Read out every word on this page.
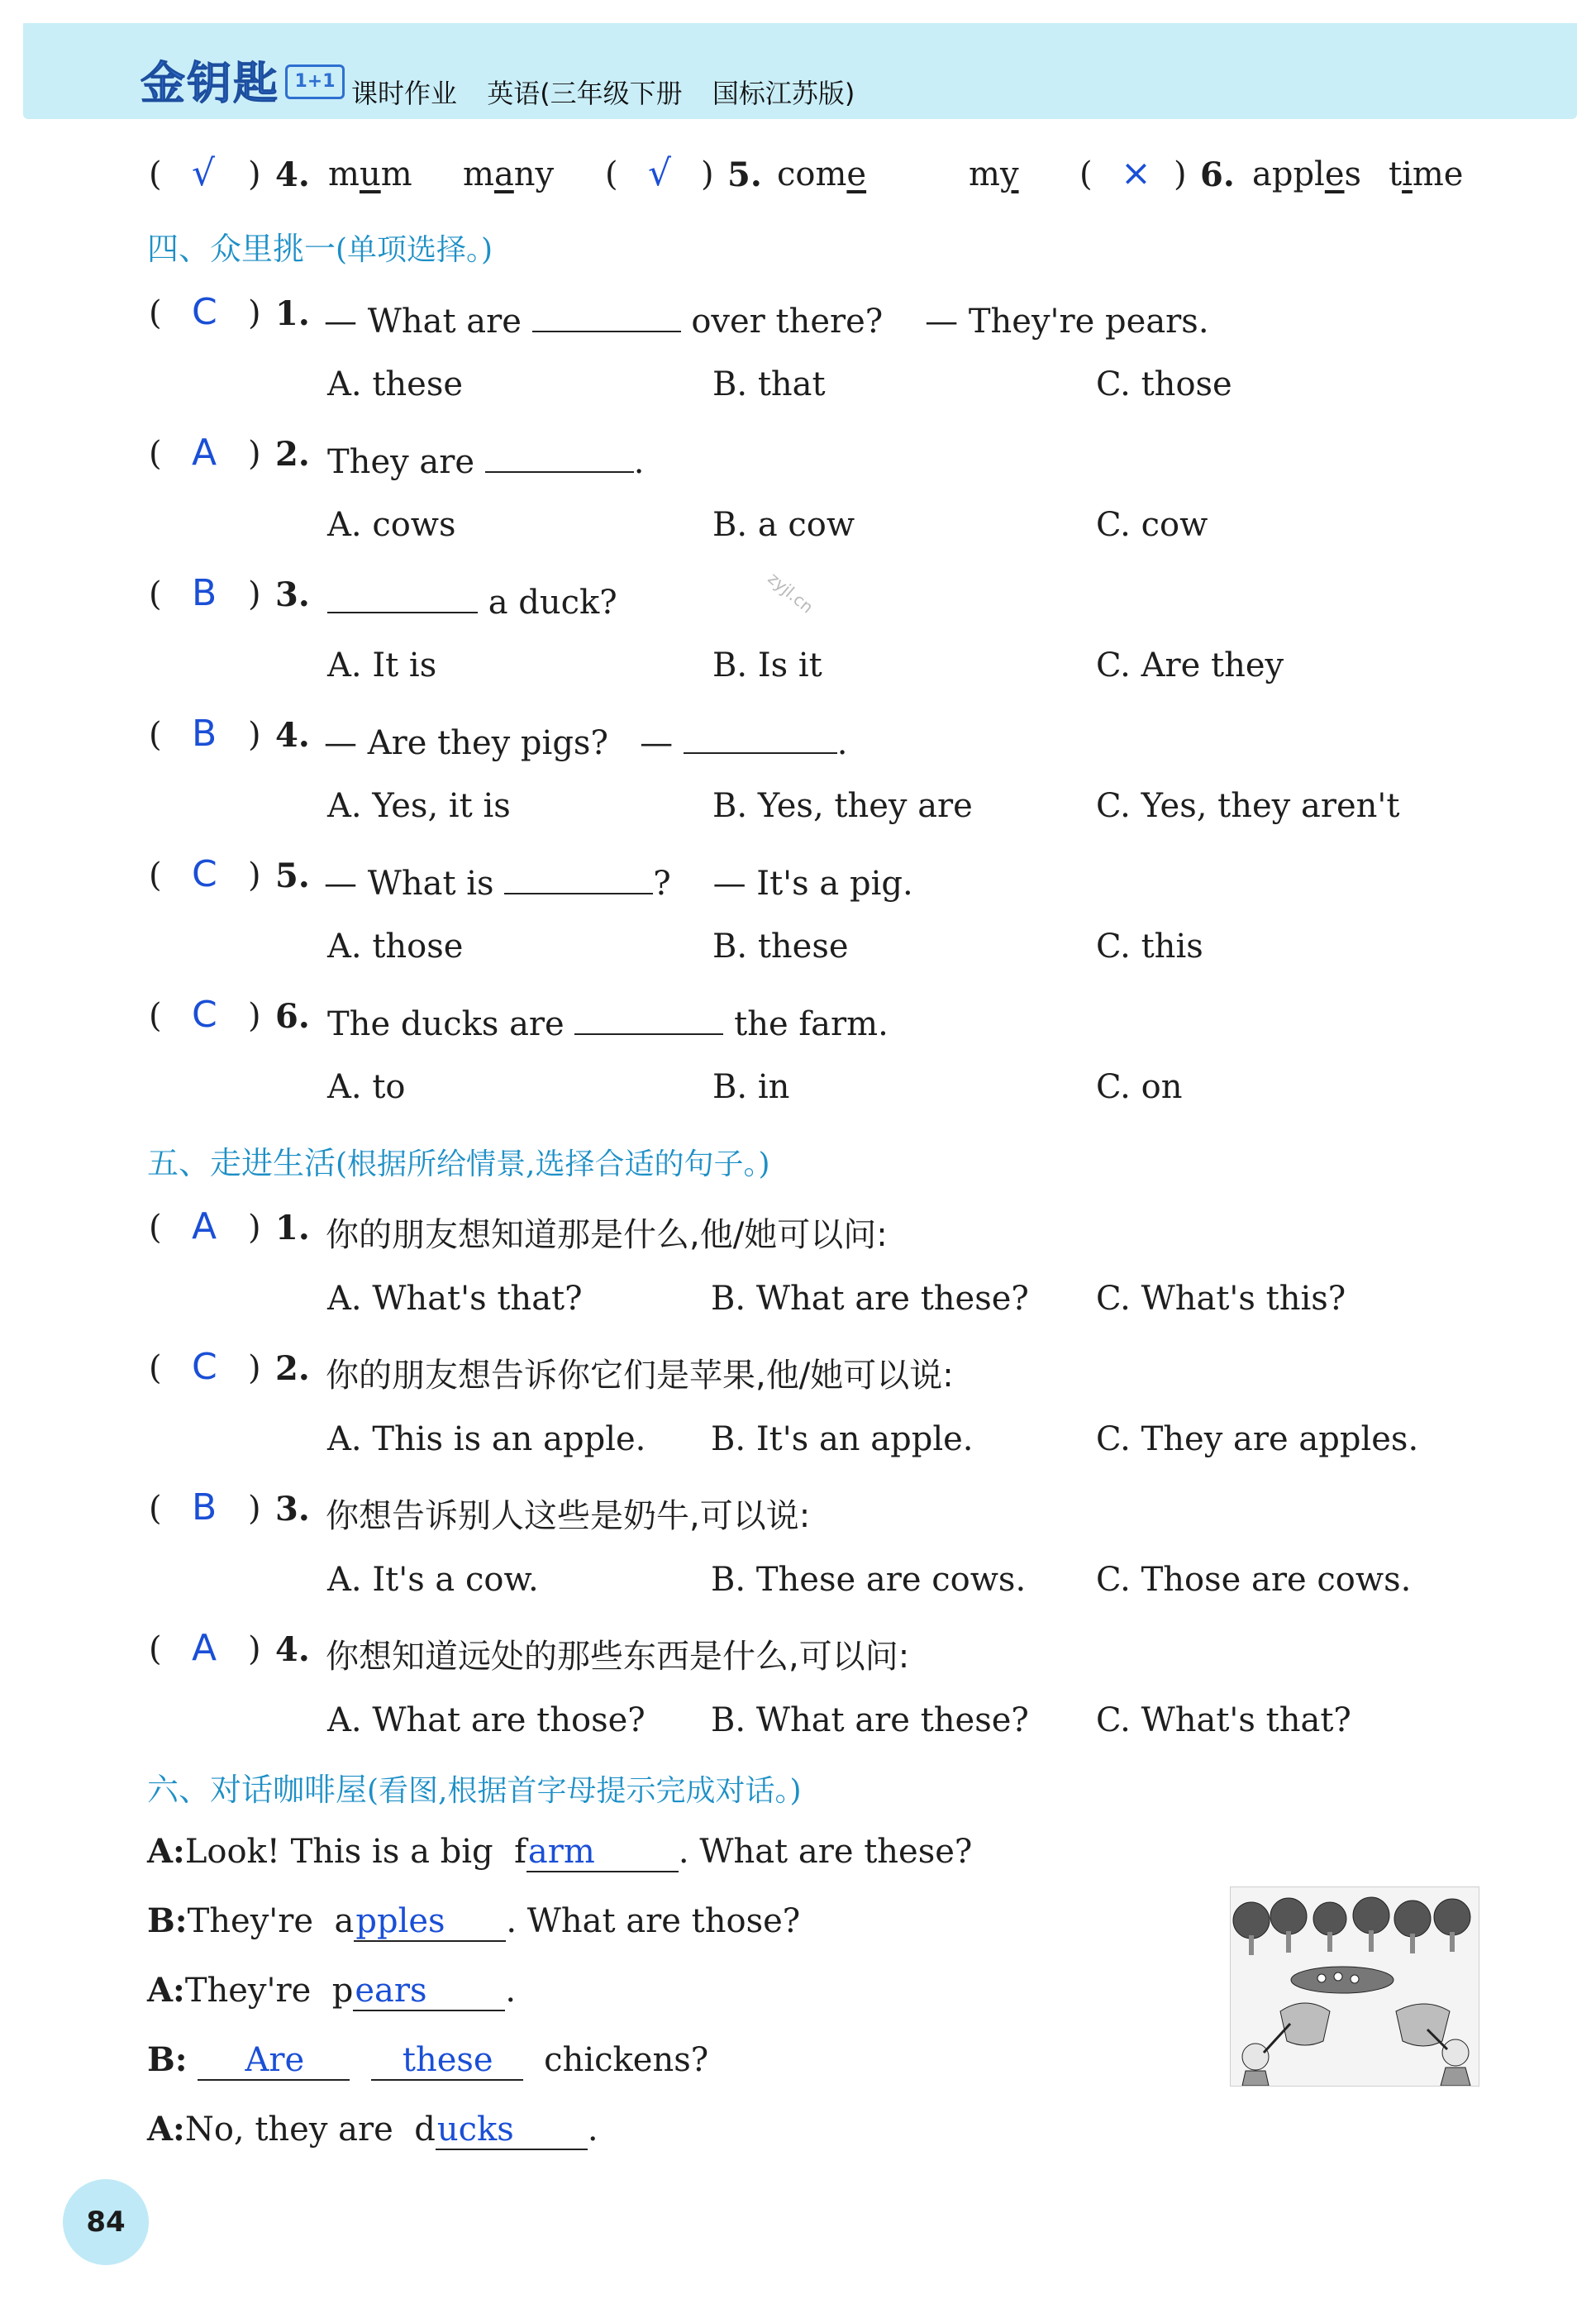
金钥匙 1+1 课时作业 英语(三年级下册 国标江苏版)
( √ ) 4. mum many ( √ ) 5. come	my ( × ) 6. apples time
四、众里挑一(单项选择。)
( C ) 1. — What are	over there? — They're pears.
A. these	B. that	C. those
( A ) 2. They are	.
A. cows	B. a cow	C. cow
( B ) 3.	a duck?
A. It is	B. Is it	C. Are they
( B ) 4. — Are they pigs? —	.
A. Yes, it is	B. Yes, they are	C. Yes, they aren't
( C ) 5. — What is	? — It's a pig.
A. those	B. these	C. this
( C ) 6. The ducks are	the farm.
A. to	B. in	C. on
五、走进生活(根据所给情景,选择合适的句子。)
( A ) 1. 你的朋友想知道那是什么,他/她可以问:
A. What's that?	B. What are these? C. What's this?
( C ) 2. 你的朋友想告诉你它们是苹果,他/她可以说:
A. This is an apple. B. It's an apple.	C. They are apples.
( B ) 3. 你想告诉别人这些是奶牛,可以说:
A. It's a cow.	B. These are cows. C. Those are cows.
( A ) 4. 你想知道远处的那些东西是什么,可以问:
A. What are those? B. What are these? C. What's that?
六、对话咖啡屋(看图,根据首字母提示完成对话。)
A:Look! This is a big farm	. What are these?
B:They're apples . What are those?
A:They're pears .
B: Are	these chickens?
A:No, they are ducks .
zyjl.cn
84
